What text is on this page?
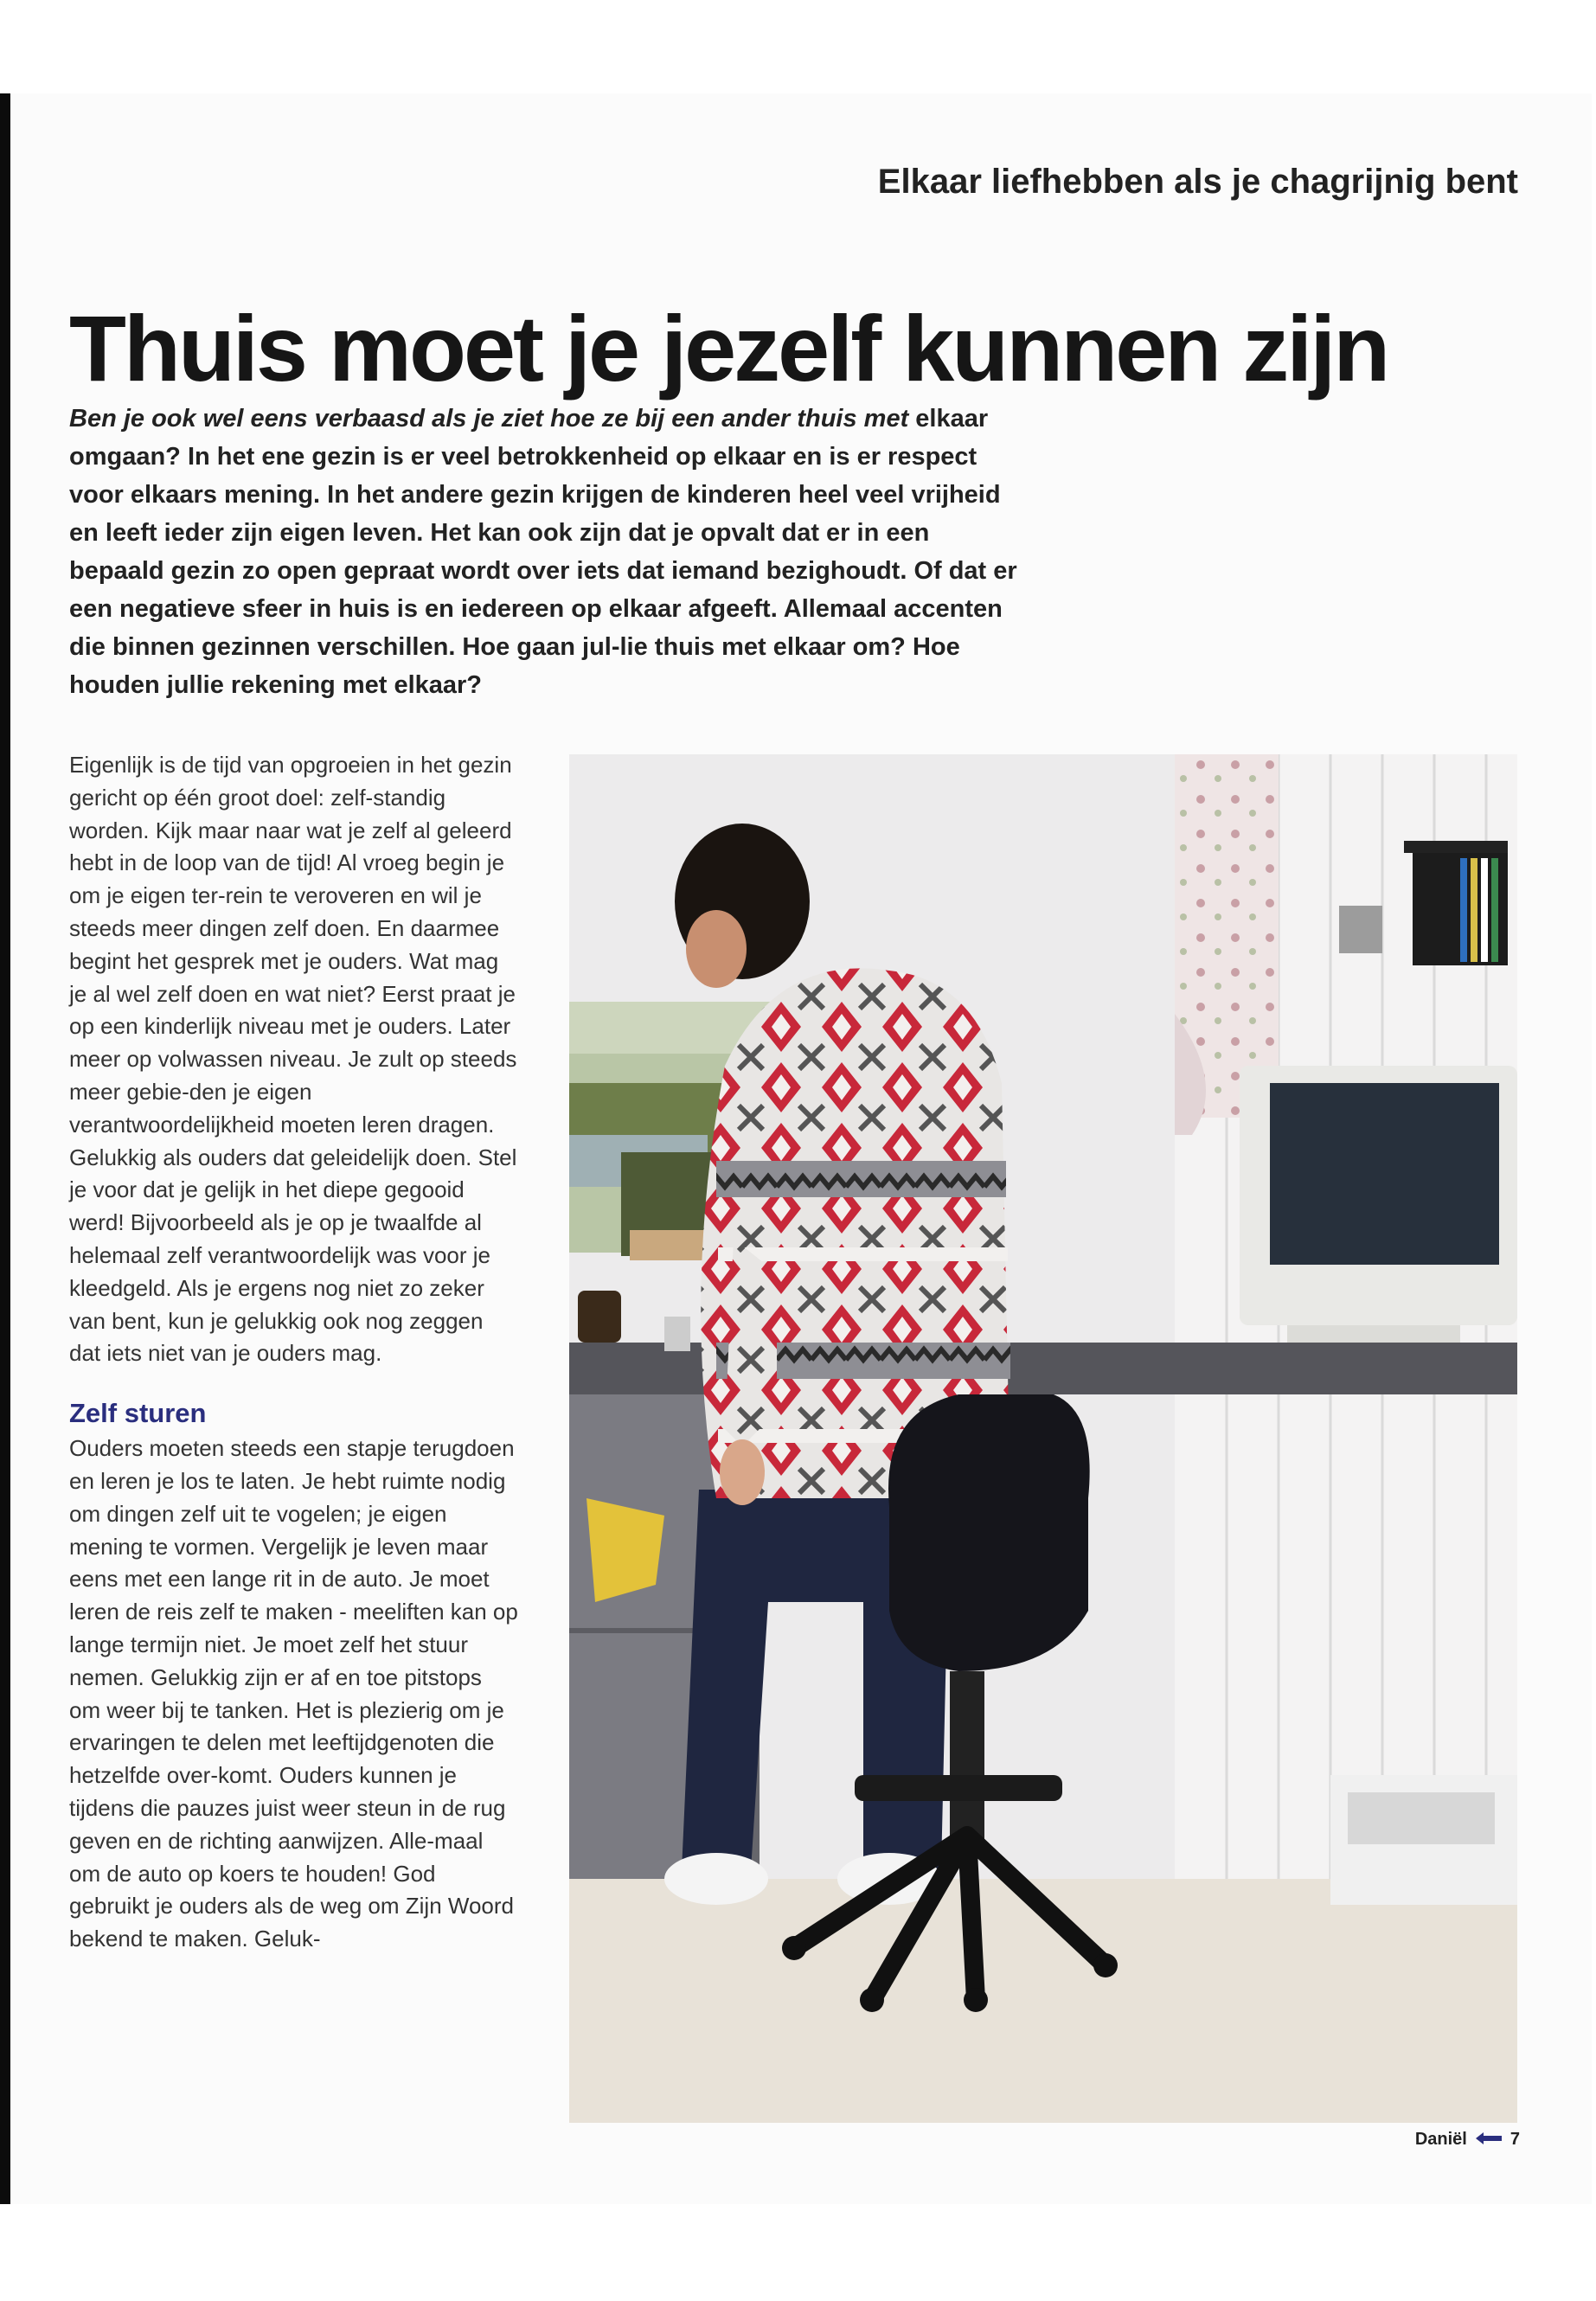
Elkaar liefhebben als je chagrijnig bent
Thuis moet je jezelf kunnen zijn

Ben je ook wel eens verbaasd als je ziet hoe ze bij een ander thuis met elkaar omgaan? In het ene gezin is er veel betrokkenheid op elkaar en is er respect voor elkaars mening. In het andere gezin krijgen de kinderen heel veel vrijheid en leeft ieder zijn eigen leven. Het kan ook zijn dat je opvalt dat er in een bepaald gezin zo open gepraat wordt over iets dat iemand bezighoudt. Of dat er een negatieve sfeer in huis is en iedereen op elkaar afgeeft. Allemaal accenten die binnen gezinnen verschillen. Hoe gaan jul-lie thuis met elkaar om? Hoe houden jullie rekening met elkaar?

Eigenlijk is de tijd van opgroeien in het gezin gericht op één groot doel: zelf-standig worden. Kijk maar naar wat je zelf al geleerd hebt in de loop van de tijd! Al vroeg begin je om je eigen ter-rein te veroveren en wil je steeds meer dingen zelf doen. En daarmee begint het gesprek met je ouders. Wat mag je al wel zelf doen en wat niet? Eerst praat je op een kinderlijk niveau met je ouders. Later meer op volwassen niveau. Je zult op steeds meer gebie-den je eigen verantwoordelijkheid moeten leren dragen. Gelukkig als ouders dat geleidelijk doen. Stel je voor dat je gelijk in het diepe gegooid werd! Bijvoorbeeld als je op je twaalfde al helemaal zelf verantwoordelijk was voor je kleedgeld. Als je ergens nog niet zo zeker van bent, kun je gelukkig ook nog zeggen dat iets niet van je ouders mag.

Zelf sturen

Ouders moeten steeds een stapje terugdoen en leren je los te laten. Je hebt ruimte nodig om dingen zelf uit te vogelen; je eigen mening te vormen. Vergelijk je leven maar eens met een lange rit in de auto. Je moet leren de reis zelf te maken - meeliften kan op lange termijn niet. Je moet zelf het stuur nemen. Gelukkig zijn er af en toe pitstops om weer bij te tanken. Het is plezierig om je ervaringen te delen met leeftijdgenoten die hetzelfde over-komt. Ouders kunnen je tijdens die pauzes juist weer steun in de rug geven en de richting aanwijzen. Alle-maal om de auto op koers te houden! God gebruikt je ouders als de weg om Zijn Woord bekend te maken. Geluk-

Daniël	7
